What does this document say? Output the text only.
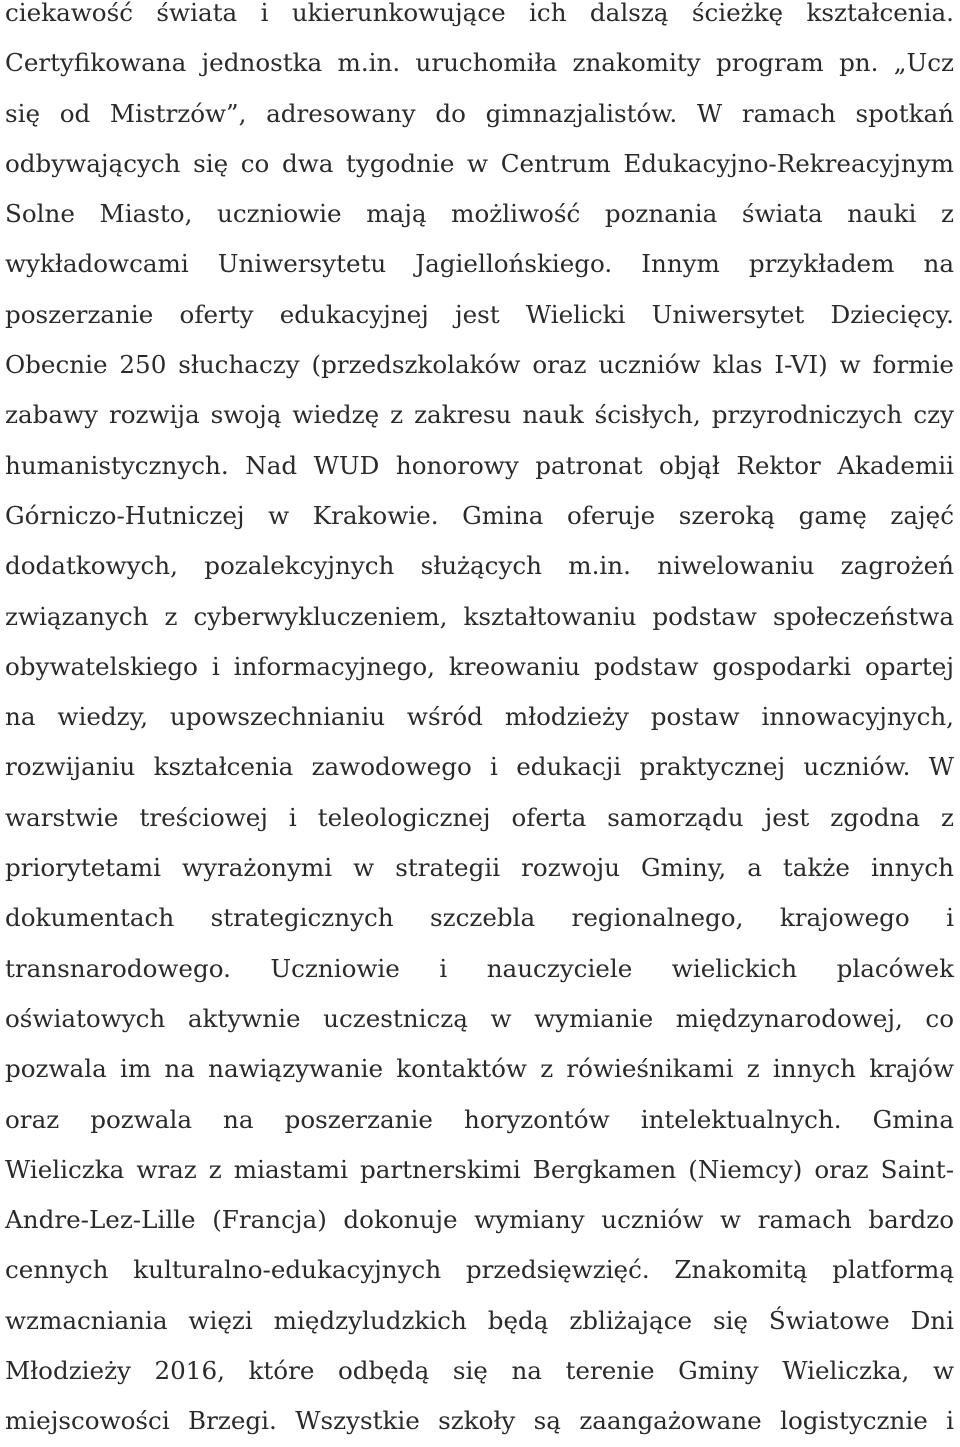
ciekawość świata i ukierunkowujące ich dalszą ścieżkę kształcenia.
Certyfikowana jednostka m.in. uruchomiła znakomity program pn. „Ucz
się od Mistrzów”, adresowany do gimnazjalistów. W ramach spotkań
odbywających się co dwa tygodnie w Centrum Edukacyjno-Rekreacyjnym
Solne Miasto, uczniowie mają możliwość poznania świata nauki z
wykładowcami Uniwersytetu Jagiellońskiego. Innym przykładem na
poszerzanie oferty edukacyjnej jest Wielicki Uniwersytet Dziecięcy.
Obecnie 250 słuchaczy (przedszkolaków oraz uczniów klas I-VI) w formie
zabawy rozwija swoją wiedzę z zakresu nauk ścisłych, przyrodniczych czy
humanistycznych. Nad WUD honorowy patronat objął Rektor Akademii
Górniczo-Hutniczej w Krakowie. Gmina oferuje szeroką gamę zajęć
dodatkowych, pozalekcyjnych służących m.in. niwelowaniu zagrożeń
związanych z cyberwykluczeniem, kształtowaniu podstaw społeczeństwa
obywatelskiego i informacyjnego, kreowaniu podstaw gospodarki opartej
na wiedzy, upowszechnianiu wśród młodzieży postaw innowacyjnych,
rozwijaniu kształcenia zawodowego i edukacji praktycznej uczniów. W
warstwie treściowej i teleologicznej oferta samorządu jest zgodna z
priorytetami wyrażonymi w strategii rozwoju Gminy, a także innych
dokumentach strategicznych szczebla regionalnego, krajowego i
transnarodowego. Uczniowie i nauczyciele wielickich placówek
oświatowych aktywnie uczestniczą w wymianie międzynarodowej, co
pozwala im na nawiązywanie kontaktów z rówieśnikami z innych krajów
oraz pozwala na poszerzanie horyzontów intelektualnych. Gmina
Wieliczka wraz z miastami partnerskimi Bergkamen (Niemcy) oraz Saint-
Andre-Lez-Lille (Francja) dokonuje wymiany uczniów w ramach bardzo
cennych kulturalno-edukacyjnych przedsięwzięć. Znakomitą platformą
wzmacniania więzi międzyludzkich będą zbliżające się Światowe Dni
Młodzieży 2016, które odbędą się na terenie Gminy Wieliczka, w
miejscowości Brzegi. Wszystkie szkoły są zaangażowane logistycznie i
